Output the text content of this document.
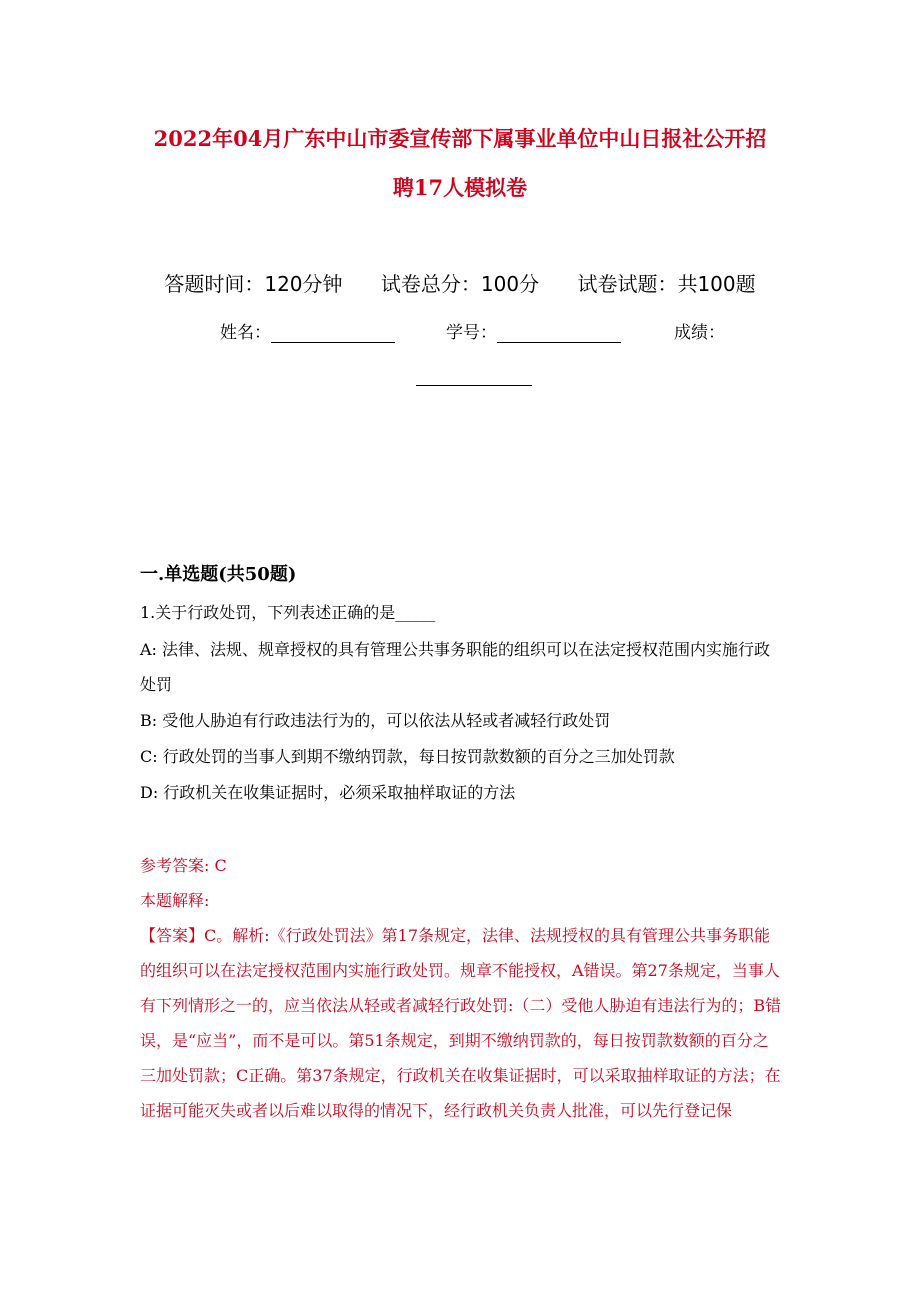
2022年04月广东中山市委宣传部下属事业单位中山日报社公开招
聘17人模拟卷
答题时间：120分钟 试卷总分：100分 试卷试题：共100题
姓名：	学号：	成绩：
一.单选题(共50题)

1.关于行政处罚，下列表述正确的是_____

A: 法律、法规、规章授权的具有管理公共事务职能的组织可以在法定授权范围内实施行政处罚

B: 受他人胁迫有行政违法行为的，可以依法从轻或者减轻行政处罚

C: 行政处罚的当事人到期不缴纳罚款，每日按罚款数额的百分之三加处罚款

D: 行政机关在收集证据时，必须采取抽样取证的方法

参考答案: C
本题解释:
【答案】C。解析:《行政处罚法》第17条规定，法律、法规授权的具有管理公共事务职能的组织可以在法定授权范围内实施行政处罚。规章不能授权，A错误。第27条规定，当事人有下列情形之一的，应当依法从轻或者减轻行政处罚:（二）受他人胁迫有违法行为的；B错误，是“应当”，而不是可以。第51条规定，到期不缴纳罚款的，每日按罚款数额的百分之三加处罚款；C正确。第37条规定，行政机关在收集证据时，可以采取抽样取证的方法；在证据可能灭失或者以后难以取得的情况下，经行政机关负责人批准，可以先行登记保
